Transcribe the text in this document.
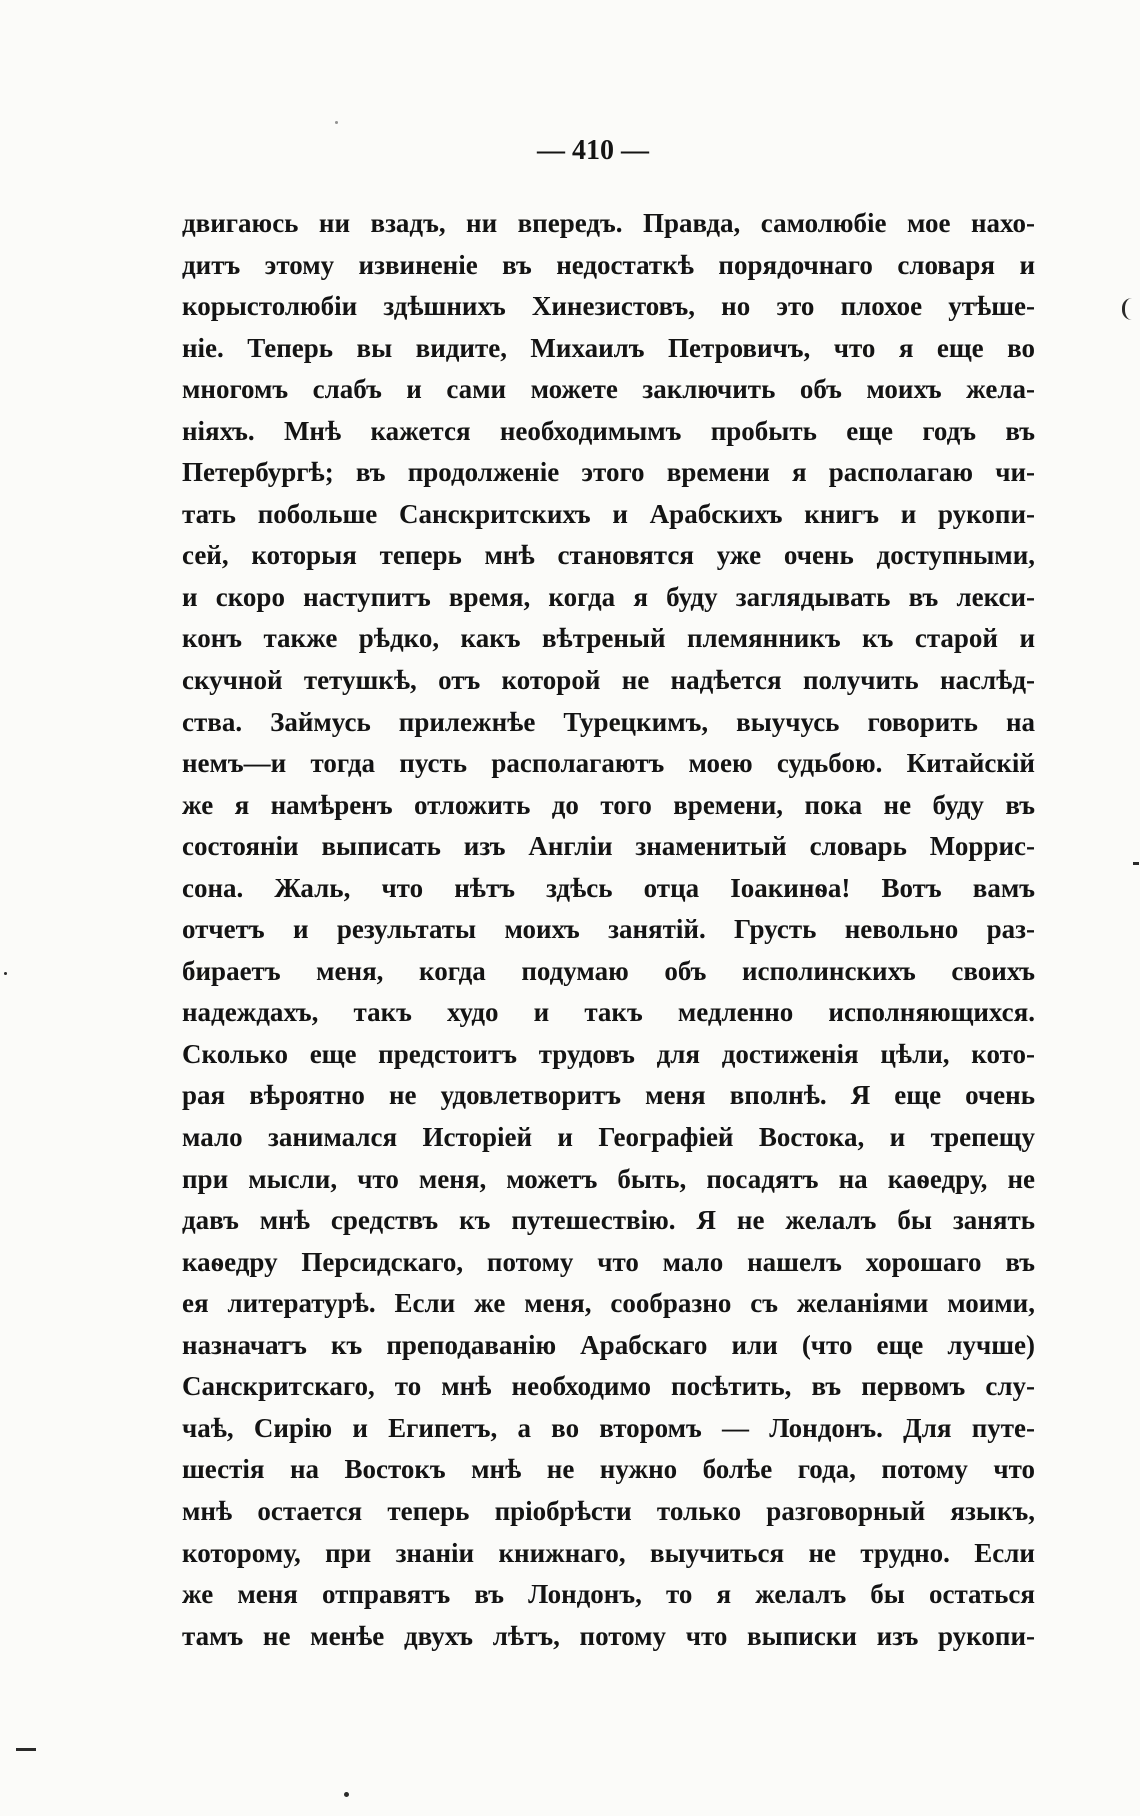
— 410 —
двигаюсь ни взадъ, ни впередъ. Правда, самолюбіе мое нахо-
дитъ этому извиненіе въ недостаткѣ порядочнаго словаря и
корыстолюбіи здѣшнихъ Хинезистовъ, но это плохое утѣше-
ніе. Теперь вы видите, Михаилъ Петровичъ, что я еще во
многомъ слабъ и сами можете заключить объ моихъ жела-
ніяхъ. Мнѣ кажется необходимымъ пробыть еще годъ въ
Петербургѣ; въ продолженіе этого времени я располагаю чи-
тать побольше Санскритскихъ и Арабскихъ книгъ и рукопи-
сей, которыя теперь мнѣ становятся уже очень доступными,
и скоро наступитъ время, когда я буду заглядывать въ лекси-
конъ также рѣдко, какъ вѣтреный племянникъ къ старой и
скучной тетушкѣ, отъ которой не надѣется получить наслѣд-
ства. Займусь прилежнѣе Турецкимъ, выучусь говорить на
немъ—и тогда пусть располагаютъ моею судьбою. Китайскій
же я намѣренъ отложить до того времени, пока не буду въ
состояніи выписать изъ Англіи знаменитый словарь Моррис-
сона. Жаль, что нѣтъ здѣсь отца Іоакинѳа! Вотъ вамъ
отчетъ и результаты моихъ занятій. Грусть невольно раз-
бираетъ меня, когда подумаю объ исполинскихъ своихъ
надеждахъ, такъ худо и такъ медленно исполняющихся.
Сколько еще предстоитъ трудовъ для достиженія цѣли, кото-
рая вѣроятно не удовлетворитъ меня вполнѣ. Я еще очень
мало занимался Исторіей и Географіей Востока, и трепещу
при мысли, что меня, можетъ быть, посадятъ на каѳедру, не
давъ мнѣ средствъ къ путешествію. Я не желалъ бы занять
каѳедру Персидскаго, потому что мало нашелъ хорошаго въ
ея литературѣ. Если же меня, сообразно съ желаніями моими,
назначатъ къ преподаванію Арабскаго или (что еще лучше)
Санскритскаго, то мнѣ необходимо посѣтить, въ первомъ слу-
чаѣ, Сирію и Египетъ, а во второмъ — Лондонъ. Для путе-
шестія на Востокъ мнѣ не нужно болѣе года, потому что
мнѣ остается теперь пріобрѣсти только разговорный языкъ,
которому, при знаніи книжнаго, выучиться не трудно. Если
же меня отправятъ въ Лондонъ, то я желалъ бы остаться
тамъ не менѣе двухъ лѣтъ, потому что выписки изъ рукопи-
